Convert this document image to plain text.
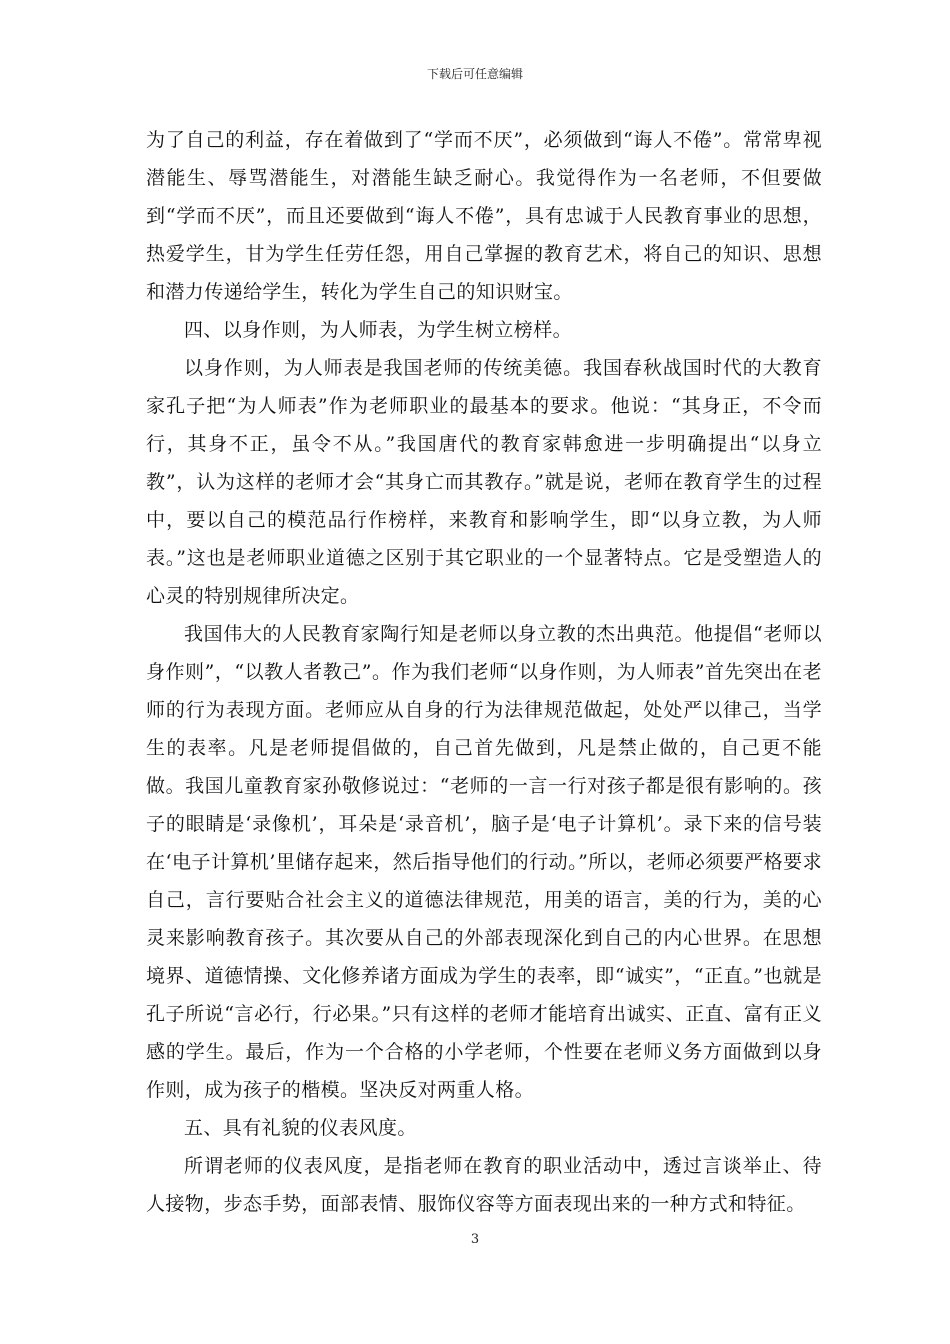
下载后可任意编辑

为了自己的利益，存在着做到了“学而不厌”，必须做到“诲人不倦”。常常卑视潜能生、辱骂潜能生，对潜能生缺乏耐心。我觉得作为一名老师，不但要做到“学而不厌”，而且还要做到“诲人不倦”，具有忠诚于人民教育事业的思想，热爱学生，甘为学生任劳任怨，用自己掌握的教育艺术，将自己的知识、思想和潜力传递给学生，转化为学生自己的知识财宝。

四、以身作则，为人师表，为学生树立榜样。

以身作则，为人师表是我国老师的传统美德。我国春秋战国时代的大教育家孔子把“为人师表”作为老师职业的最基本的要求。他说：“其身正，不令而行，其身不正，虽令不从。”我国唐代的教育家韩愈进一步明确提出“以身立教”，认为这样的老师才会“其身亡而其教存。”就是说，老师在教育学生的过程中，要以自己的模范品行作榜样，来教育和影响学生，即“以身立教，为人师表。”这也是老师职业道德之区别于其它职业的一个显著特点。它是受塑造人的心灵的特别规律所决定。

我国伟大的人民教育家陶行知是老师以身立教的杰出典范。他提倡“老师以身作则”，“以教人者教己”。作为我们老师“以身作则，为人师表”首先突出在老师的行为表现方面。老师应从自身的行为法律规范做起，处处严以律己，当学生的表率。凡是老师提倡做的，自己首先做到，凡是禁止做的，自己更不能做。我国儿童教育家孙敬修说过：“老师的一言一行对孩子都是很有影响的。孩子的眼睛是‘录像机’，耳朵是‘录音机’，脑子是‘电子计算机’。录下来的信号装在‘电子计算机’里储存起来，然后指导他们的行动。”所以，老师必须要严格要求自己，言行要贴合社会主义的道德法律规范，用美的语言，美的行为，美的心灵来影响教育孩子。其次要从自己的外部表现深化到自己的内心世界。在思想境界、道德情操、文化修养诸方面成为学生的表率，即“诚实”，“正直。”也就是孔子所说“言必行，行必果。”只有这样的老师才能培育出诚实、正直、富有正义感的学生。最后，作为一个合格的小学老师，个性要在老师义务方面做到以身作则，成为孩子的楷模。坚决反对两重人格。

五、具有礼貌的仪表风度。

所谓老师的仪表风度，是指老师在教育的职业活动中，透过言谈举止、待人接物，步态手势，面部表情、服饰仪容等方面表现出来的一种方式和特征。

3
